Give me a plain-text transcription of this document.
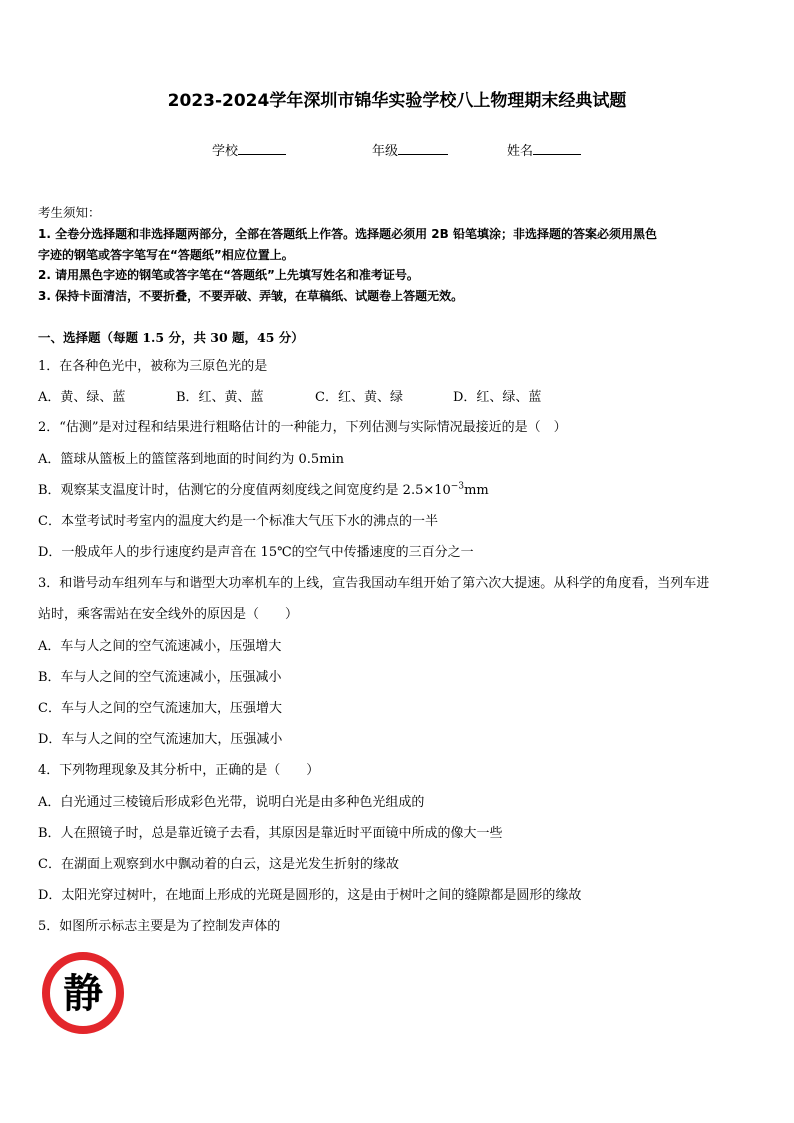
2023-2024学年深圳市锦华实验学校八上物理期末经典试题
学校	年级	姓名
考生须知：
1. 全卷分选择题和非选择题两部分，全部在答题纸上作答。选择题必须用 2B 铅笔填涂；非选择题的答案必须用黑色
字迹的钢笔或答字笔写在“答题纸”相应位置上。
2. 请用黑色字迹的钢笔或答字笔在“答题纸”上先填写姓名和准考证号。
3. 保持卡面清洁，不要折叠，不要弄破、弄皱，在草稿纸、试题卷上答题无效。
一、选择题（每题 1.5 分，共 30 题，45 分）
1．在各种色光中，被称为三原色光的是
A．黄、绿、蓝	B．红、黄、蓝	C．红、黄、绿	D．红、绿、蓝
2．“估测”是对过程和结果进行粗略估计的一种能力，下列估测与实际情况最接近的是（　）
A．篮球从篮板上的篮筐落到地面的时间约为 0.5min
B．观察某支温度计时，估测它的分度值两刻度线之间宽度约是 $2.5\times 10^{-3}mm$
C．本堂考试时考室内的温度大约是一个标准大气压下水的沸点的一半
D．一般成年人的步行速度约是声音在 15℃的空气中传播速度的三百分之一
3．和谐号动车组列车与和谐型大功率机车的上线，宣告我国动车组开始了第六次大提速。从科学的角度看，当列车进
站时，乘客需站在安全线外的原因是（　　）
A．车与人之间的空气流速减小，压强增大
B．车与人之间的空气流速减小，压强减小
C．车与人之间的空气流速加大，压强增大
D．车与人之间的空气流速加大，压强减小
4．下列物理现象及其分析中，正确的是（　　）
A．白光通过三棱镜后形成彩色光带，说明白光是由多种色光组成的
B．人在照镜子时，总是靠近镜子去看，其原因是靠近时平面镜中所成的像大一些
C．在湖面上观察到水中飘动着的白云，这是光发生折射的缘故
D．太阳光穿过树叶，在地面上形成的光斑是圆形的，这是由于树叶之间的缝隙都是圆形的缘故
5．如图所示标志主要是为了控制发声体的
静
